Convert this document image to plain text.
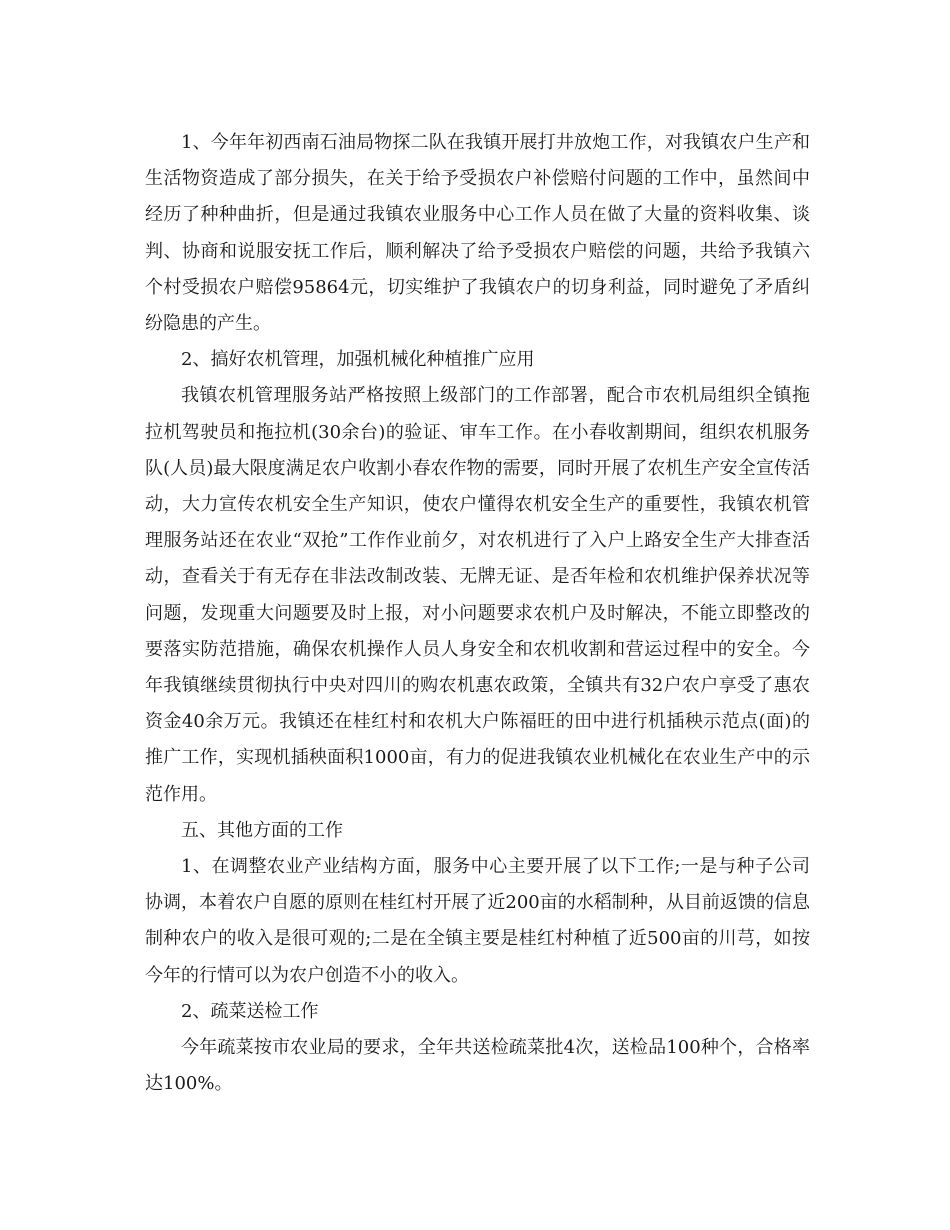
1、今年年初西南石油局物探二队在我镇开展打井放炮工作，对我镇农户生产和生活物资造成了部分损失，在关于给予受损农户补偿赔付问题的工作中，虽然间中经历了种种曲折，但是通过我镇农业服务中心工作人员在做了大量的资料收集、谈判、协商和说服安抚工作后，顺利解决了给予受损农户赔偿的问题，共给予我镇六个村受损农户赔偿95864元，切实维护了我镇农户的切身利益，同时避免了矛盾纠纷隐患的产生。

2、搞好农机管理，加强机械化种植推广应用

我镇农机管理服务站严格按照上级部门的工作部署，配合市农机局组织全镇拖拉机驾驶员和拖拉机(30余台)的验证、审车工作。在小春收割期间，组织农机服务队(人员)最大限度满足农户收割小春农作物的需要，同时开展了农机生产安全宣传活动，大力宣传农机安全生产知识，使农户懂得农机安全生产的重要性，我镇农机管理服务站还在农业“双抢”工作作业前夕，对农机进行了入户上路安全生产大排查活动，查看关于有无存在非法改制改装、无牌无证、是否年检和农机维护保养状况等问题，发现重大问题要及时上报，对小问题要求农机户及时解决，不能立即整改的要落实防范措施，确保农机操作人员人身安全和农机收割和营运过程中的安全。今年我镇继续贯彻执行中央对四川的购农机惠农政策，全镇共有32户农户享受了惠农资金40余万元。我镇还在桂红村和农机大户陈福旺的田中进行机插秧示范点(面)的推广工作，实现机插秧面积1000亩，有力的促进我镇农业机械化在农业生产中的示范作用。

五、其他方面的工作

1、在调整农业产业结构方面，服务中心主要开展了以下工作;一是与种子公司协调，本着农户自愿的原则在桂红村开展了近200亩的水稻制种，从目前返馈的信息制种农户的收入是很可观的;二是在全镇主要是桂红村种植了近500亩的川芎，如按今年的行情可以为农户创造不小的收入。

2、疏菜送检工作

今年疏菜按市农业局的要求，全年共送检疏菜批4次，送检品100种个，合格率达100%。
